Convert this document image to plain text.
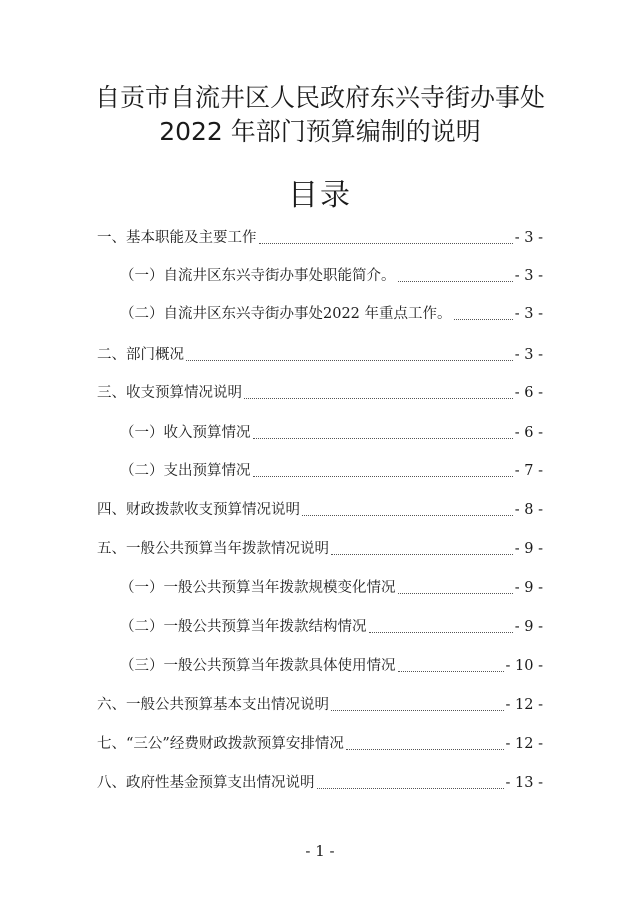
自贡市自流井区人民政府东兴寺街办事处
2022 年部门预算编制的说明
目录
一、基本职能及主要工作	- 3 -
（一）自流井区东兴寺街办事处职能简介。	- 3 -
（二）自流井区东兴寺街办事处2022 年重点工作。	- 3 -
二、部门概况	- 3 -
三、收支预算情况说明	- 6 -
（一）收入预算情况	- 6 -
（二）支出预算情况	- 7 -
四、财政拨款收支预算情况说明	- 8 -
五、一般公共预算当年拨款情况说明	- 9 -
（一）一般公共预算当年拨款规模变化情况	- 9 -
（二）一般公共预算当年拨款结构情况	- 9 -
（三）一般公共预算当年拨款具体使用情况	- 10 -
六、一般公共预算基本支出情况说明	- 12 -
七、“三公”经费财政拨款预算安排情况	- 12 -
八、政府性基金预算支出情况说明	- 13 -
- 1 -
